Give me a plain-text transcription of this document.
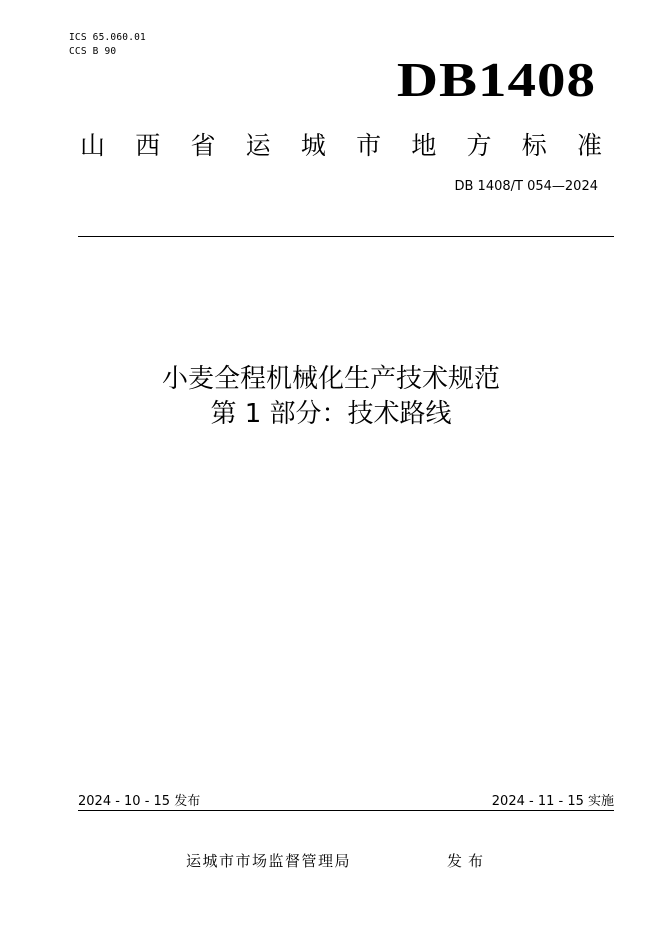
ICS 65.060.01
CCS B 90
DB1408
山 西 省 运 城 市 地 方 标 准
DB 1408/T 054—2024
小麦全程机械化生产技术规范
第 1 部分：技术路线
2024 - 10 - 15 发布	2024 - 11 - 15 实施
运城市市场监督管理局	发布
